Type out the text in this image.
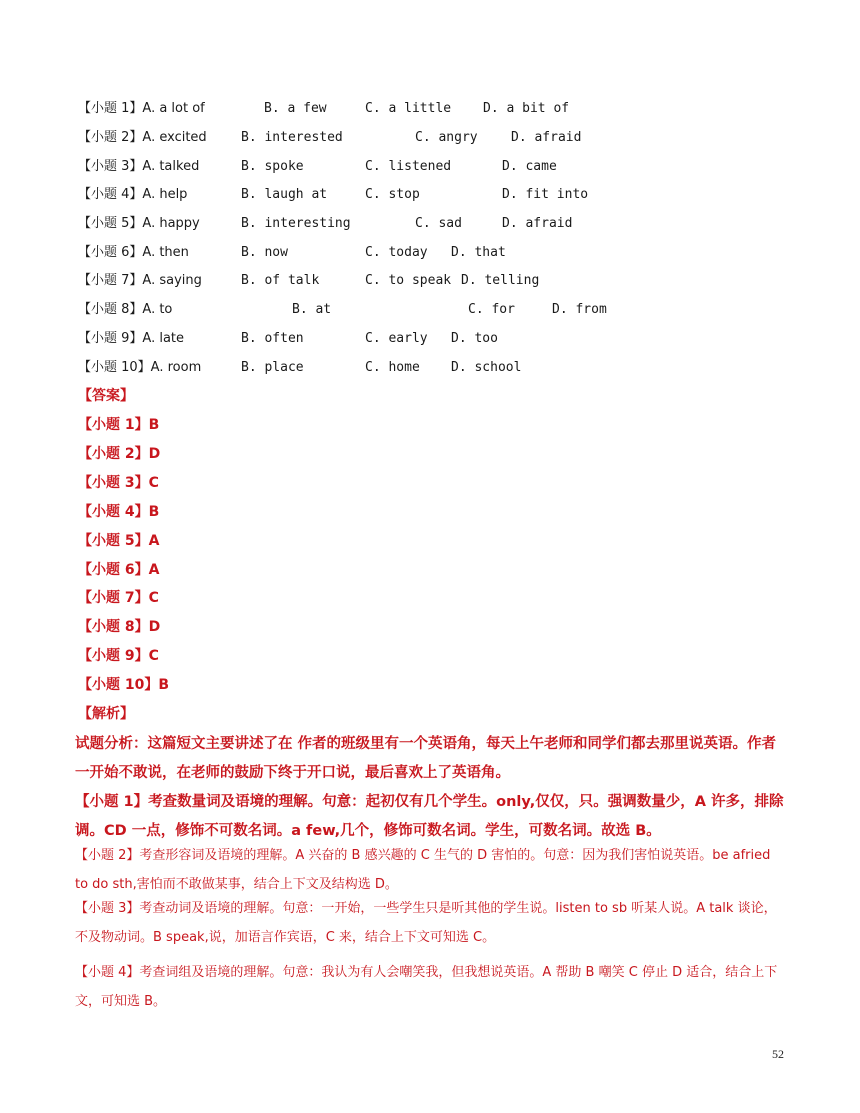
【小题 1】A. a lot of	B. a few	C. a little D. a bit of
【小题 2】A. excited	B. interested	C. angry	D. afraid
【小题 3】A. talked	B. spoke	C. listened	D. came
【小题 4】A. help	B. laugh at	C. stop	D. fit into
【小题 5】A. happy	B. interesting	C. sad	D. afraid
【小题 6】A. then	B. now	C. today D. that
【小题 7】A. saying	B. of talk	C. to speak D. telling
【小题 8】A. to	B. at	C. for	D. from
【小题 9】A. late	B. often	C. early D. too
【小题 10】A. room	B. place	C. home D. school
【答案】
【小题 1】B
【小题 2】D
【小题 3】C
【小题 4】B
【小题 5】A
【小题 6】A
【小题 7】C
【小题 8】D
【小题 9】C
【小题 10】B
【解析】
试题分析：这篇短文主要讲述了在 作者的班级里有一个英语角，每天上午老师和同学们都去那里说英语。作者一开始不敢说，在老师的鼓励下终于开口说，最后喜欢上了英语角。
【小题 1】考查数量词及语境的理解。句意：起初仅有几个学生。only,仅仅，只。强调数量少，A 许多，排除调。CD 一点，修饰不可数名词。a few,几个，修饰可数名词。学生，可数名词。故选 B。
【小题 2】考查形容词及语境的理解。A 兴奋的 B 感兴趣的 C 生气的 D 害怕的。句意：因为我们害怕说英语。be afried to do sth,害怕而不敢做某事，结合上下文及结构选 D。
【小题 3】考查动词及语境的理解。句意：一开始，一些学生只是听其他的学生说。listen to sb 听某人说。A talk 谈论，不及物动词。B speak,说，加语言作宾语，C 来，结合上下文可知选 C。
【小题 4】考查词组及语境的理解。句意：我认为有人会嘲笑我，但我想说英语。A 帮助 B 嘲笑 C 停止 D 适合，结合上下文，可知选 B。
52
